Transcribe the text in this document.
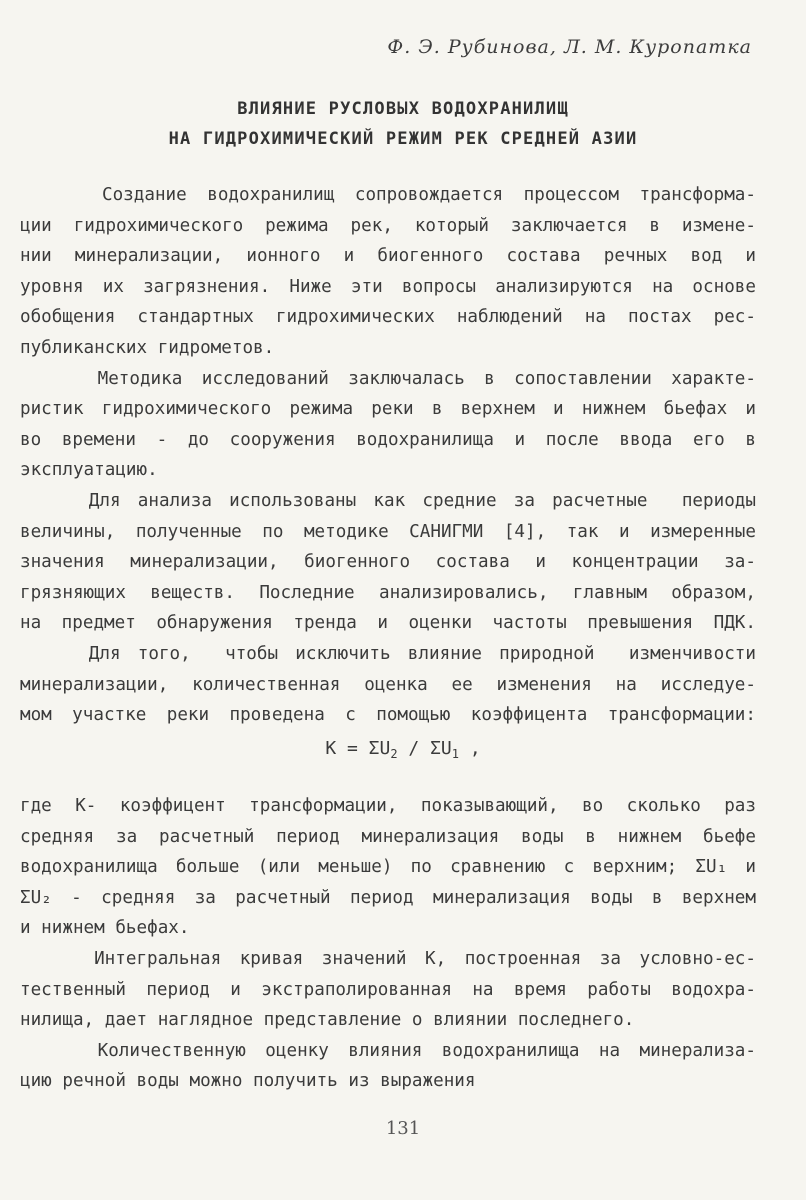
Ф. Э. Рубинова, Л. М. Куропатка
ВЛИЯНИЕ РУСЛОВЫХ ВОДОХРАНИЛИЩ
НА ГИДРОХИМИЧЕСКИЙ РЕЖИМ РЕК СРЕДНЕЙ АЗИИ
Создание водохранилищ сопровождается процессом трансформа-
ции гидрохимического режима рек, который заключается в измене-
нии минерализации, ионного и биогенного состава речных вод и
уровня их загрязнения. Ниже эти вопросы анализируются на основе
обобщения стандартных гидрохимических наблюдений на постах рес-
публиканских гидрометов.
Методика исследований заключалась в сопоставлении характе-
ристик гидрохимического режима реки в верхнем и нижнем бьефах и
во времени - до сооружения водохранилища и после ввода его в
эксплуатацию.
Для анализа использованы как средние за расчетные  периоды
величины, полученные по методике САНИГМИ [4], так и измеренные
значения минерализации, биогенного состава и концентрации за-
грязняющих веществ. Последние анализировались, главным образом,
на предмет обнаружения тренда и оценки частоты превышения ПДК.
Для того,  чтобы исключить влияние природной  изменчивости
минерализации, количественная оценка ее изменения на исследуе-
мом участке реки проведена с помощью коэффицента трансформации:
$К = \Sigma U_2 / \Sigma U_1$ ,
где К- коэффицент трансформации, показывающий, во сколько раз
средняя за расчетный период минерализация воды в нижнем бьефе
водохранилища больше (или меньше) по сравнению с верхним; ΣU₁ и
ΣU₂ - средняя за расчетный период минерализация воды в верхнем
и нижнем бьефах.
Интегральная кривая значений К, построенная за условно-ес-
тественный период и экстраполированная на время работы водохра-
нилища, дает наглядное представление о влиянии последнего.
Количественную оценку влияния водохранилища на минерализа-
цию речной воды можно получить из выражения
131
